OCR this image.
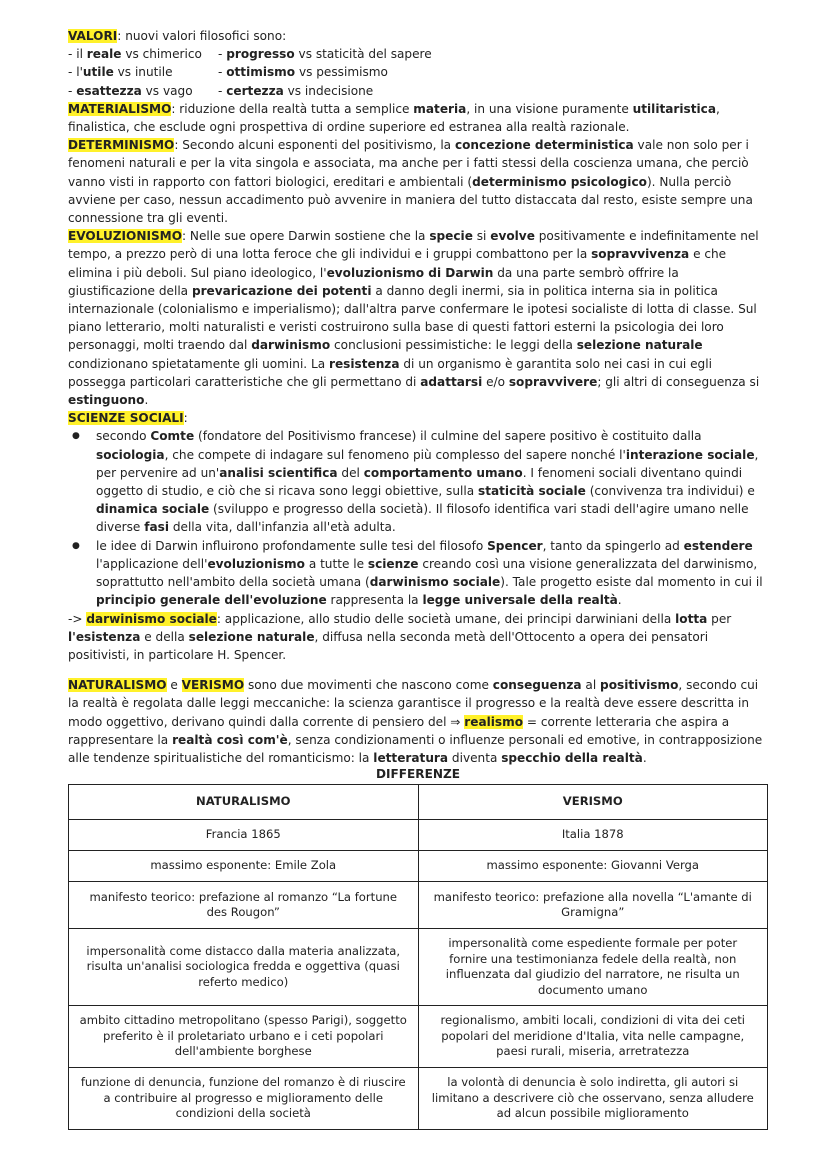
VALORI: nuovi valori filosofici sono:

- il reale vs chimerico	- progresso vs staticità del sapere
- l'utile vs inutile	- ottimismo vs pessimismo
- esattezza vs vago	- certezza vs indecisione

MATERIALISMO: riduzione della realtà tutta a semplice materia, in una visione puramente utilitaristica, finalistica, che esclude ogni prospettiva di ordine superiore ed estranea alla realtà razionale.

DETERMINISMO: Secondo alcuni esponenti del positivismo, la concezione deterministica vale non solo per i fenomeni naturali e per la vita singola e associata, ma anche per i fatti stessi della coscienza umana, che perciò vanno visti in rapporto con fattori biologici, ereditari e ambientali (determinismo psicologico). Nulla perciò avviene per caso, nessun accadimento può avvenire in maniera del tutto distaccata dal resto, esiste sempre una connessione tra gli eventi.

EVOLUZIONISMO: Nelle sue opere Darwin sostiene che la specie si evolve positivamente e indefinitamente nel tempo, a prezzo però di una lotta feroce che gli individui e i gruppi combattono per la sopravvivenza e che elimina i più deboli. Sul piano ideologico, l'evoluzionismo di Darwin da una parte sembrò offrire la giustificazione della prevaricazione dei potenti a danno degli inermi, sia in politica interna sia in politica internazionale (colonialismo e imperialismo); dall'altra parve confermare le ipotesi socialiste di lotta di classe. Sul piano letterario, molti naturalisti e veristi costruirono sulla base di questi fattori esterni la psicologia dei loro personaggi, molti traendo dal darwinismo conclusioni pessimistiche: le leggi della selezione naturale condizionano spietatamente gli uomini. La resistenza di un organismo è garantita solo nei casi in cui egli possegga particolari caratteristiche che gli permettano di adattarsi e/o sopravvivere; gli altri di conseguenza si estinguono.

SCIENZE SOCIALI:

● secondo Comte (fondatore del Positivismo francese) il culmine del sapere positivo è costituito dalla sociologia, che compete di indagare sul fenomeno più complesso del sapere nonché l'interazione sociale, per pervenire ad un'analisi scientifica del comportamento umano. I fenomeni sociali diventano quindi oggetto di studio, e ciò che si ricava sono leggi obiettive, sulla staticità sociale (convivenza tra individui) e dinamica sociale (sviluppo e progresso della società). Il filosofo identifica vari stadi dell'agire umano nelle diverse fasi della vita, dall'infanzia all'età adulta.
● le idee di Darwin influirono profondamente sulle tesi del filosofo Spencer, tanto da spingerlo ad estendere l'applicazione dell'evoluzionismo a tutte le scienze creando così una visione generalizzata del darwinismo, soprattutto nell'ambito della società umana (darwinismo sociale). Tale progetto esiste dal momento in cui il principio generale dell'evoluzione rappresenta la legge universale della realtà.

-> darwinismo sociale: applicazione, allo studio delle società umane, dei principi darwiniani della lotta per l'esistenza e della selezione naturale, diffusa nella seconda metà dell'Ottocento a opera dei pensatori positivisti, in particolare H. Spencer.

NATURALISMO e VERISMO sono due movimenti che nascono come conseguenza al positivismo, secondo cui la realtà è regolata dalle leggi meccaniche: la scienza garantisce il progresso e la realtà deve essere descritta in modo oggettivo, derivano quindi dalla corrente di pensiero del ⇒ realismo = corrente letteraria che aspira a rappresentare la realtà così com'è, senza condizionamenti o influenze personali ed emotive, in contrapposizione alle tendenze spiritualistiche del romanticismo: la letteratura diventa specchio della realtà.

DIFFERENZE
NATURALISMO	VERISMO
Francia 1865	Italia 1878
massimo esponente: Emile Zola	massimo esponente: Giovanni Verga
manifesto teorico: prefazione al romanzo “La fortune des Rougon”	manifesto teorico: prefazione alla novella “L'amante di Gramigna”
impersonalità come distacco dalla materia analizzata, risulta un'analisi sociologica fredda e oggettiva (quasi referto medico)	impersonalità come espediente formale per poter fornire una testimonianza fedele della realtà, non influenzata dal giudizio del narratore, ne risulta un documento umano
ambito cittadino metropolitano (spesso Parigi), soggetto preferito è il proletariato urbano e i ceti popolari dell'ambiente borghese	regionalismo, ambiti locali, condizioni di vita dei ceti popolari del meridione d'Italia, vita nelle campagne, paesi rurali, miseria, arretratezza
funzione di denuncia, funzione del romanzo è di riuscire a contribuire al progresso e miglioramento delle condizioni della società	la volontà di denuncia è solo indiretta, gli autori si limitano a descrivere ciò che osservano, senza alludere ad alcun possibile miglioramento
